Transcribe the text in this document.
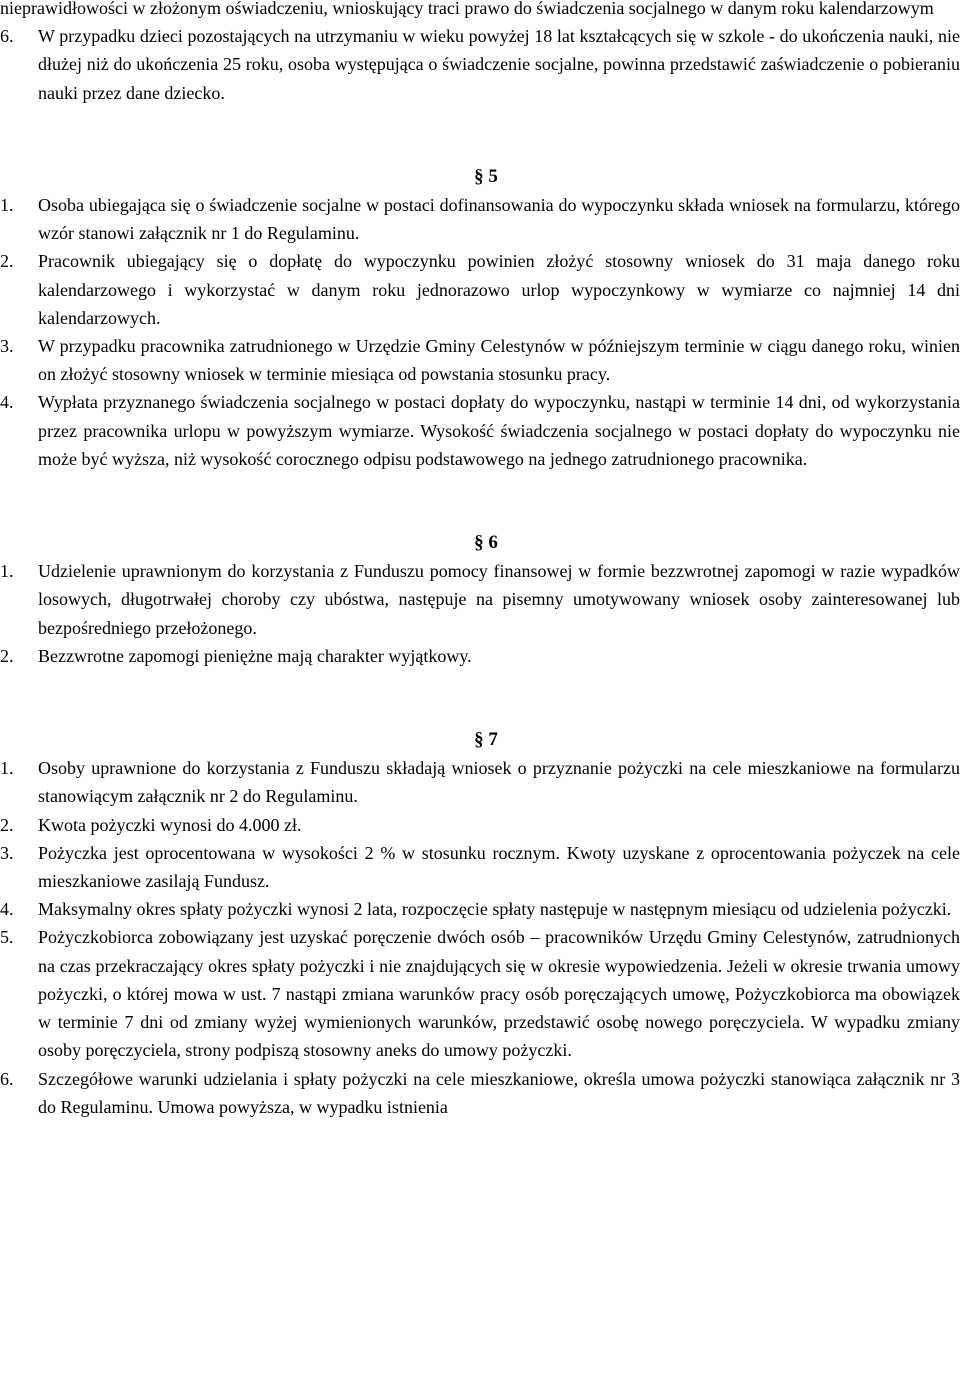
nieprawidłowości w złożonym oświadczeniu, wnioskujący traci prawo do świadczenia socjalnego w danym roku kalendarzowym
6. W przypadku dzieci pozostających na utrzymaniu w wieku powyżej 18 lat kształcących się w szkole - do ukończenia nauki, nie dłużej niż do ukończenia 25 roku, osoba występująca o świadczenie socjalne, powinna przedstawić zaświadczenie o pobieraniu nauki przez dane dziecko.
§ 5
1. Osoba ubiegająca się o świadczenie socjalne w postaci dofinansowania do wypoczynku składa wniosek na formularzu, którego wzór stanowi załącznik nr 1 do Regulaminu.
2. Pracownik ubiegający się o dopłatę do wypoczynku powinien złożyć stosowny wniosek do 31 maja danego roku kalendarzowego i wykorzystać w danym roku jednorazowo urlop wypoczynkowy w wymiarze co najmniej 14 dni kalendarzowych.
3. W przypadku pracownika zatrudnionego w Urzędzie Gminy Celestynów w późniejszym terminie w ciągu danego roku, winien on złożyć stosowny wniosek w terminie miesiąca od powstania stosunku pracy.
4. Wypłata przyznanego świadczenia socjalnego w postaci dopłaty do wypoczynku, nastąpi w terminie 14 dni, od wykorzystania przez pracownika urlopu w powyższym wymiarze. Wysokość świadczenia socjalnego w postaci dopłaty do wypoczynku nie może być wyższa, niż wysokość corocznego odpisu podstawowego na jednego zatrudnionego pracownika.
§ 6
1. Udzielenie uprawnionym do korzystania z Funduszu pomocy finansowej w formie bezzwrotnej zapomogi w razie wypadków losowych, długotrwałej choroby czy ubóstwa, następuje na pisemny umotywowany wniosek osoby zainteresowanej lub bezpośredniego przełożonego.
2. Bezzwrotne zapomogi pieniężne mają charakter wyjątkowy.
§ 7
1. Osoby uprawnione do korzystania z Funduszu składają wniosek o przyznanie pożyczki na cele mieszkaniowe na formularzu stanowiącym załącznik nr 2 do Regulaminu.
2. Kwota pożyczki wynosi do 4.000 zł.
3. Pożyczka jest oprocentowana w wysokości 2 % w stosunku rocznym. Kwoty uzyskane z oprocentowania pożyczek na cele mieszkaniowe zasilają Fundusz.
4. Maksymalny okres spłaty pożyczki wynosi 2 lata, rozpoczęcie spłaty następuje w następnym miesiącu od udzielenia pożyczki.
5. Pożyczkobiorca zobowiązany jest uzyskać poręczenie dwóch osób – pracowników Urzędu Gminy Celestynów, zatrudnionych na czas przekraczający okres spłaty pożyczki i nie znajdujących się w okresie wypowiedzenia. Jeżeli w okresie trwania umowy pożyczki, o której mowa w ust. 7 nastąpi zmiana warunków pracy osób poręczających umowę, Pożyczkobiorca ma obowiązek w terminie 7 dni od zmiany wyżej wymienionych warunków, przedstawić osobę nowego poręczyciela. W wypadku zmiany osoby poręczyciela, strony podpiszą stosowny aneks do umowy pożyczki.
6. Szczegółowe warunki udzielania i spłaty pożyczki na cele mieszkaniowe, określa umowa pożyczki stanowiąca załącznik nr 3 do Regulaminu. Umowa powyższa, w wypadku istnienia
